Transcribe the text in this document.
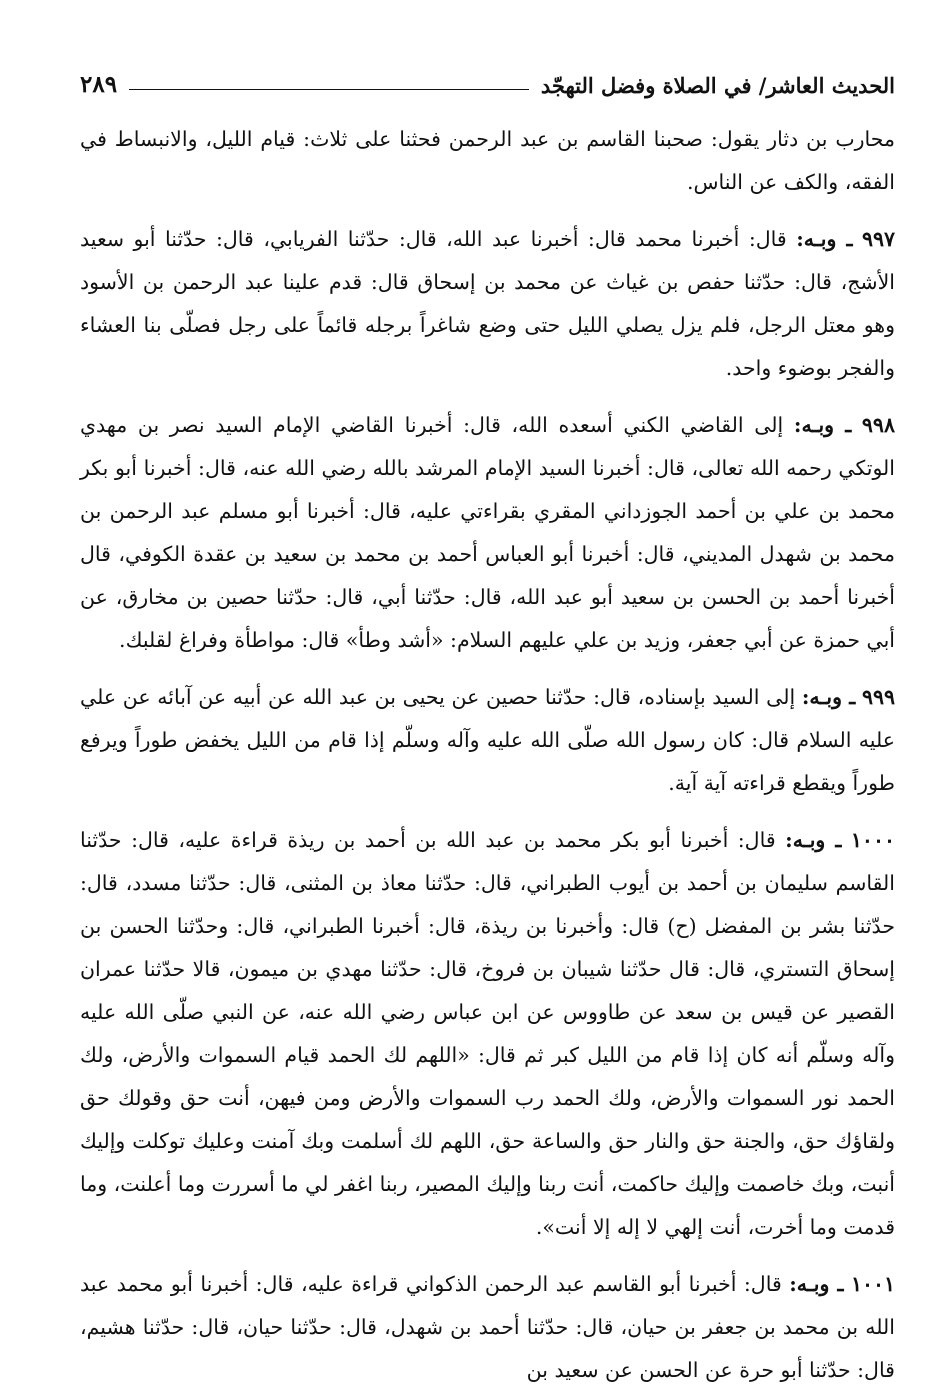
الحديث العاشر/ في الصلاة وفضل التهجّد
٢٨٩

محارب بن دثار يقول: صحبنا القاسم بن عبد الرحمن فحثنا على ثلاث: قيام الليل، والانبساط في الفقه، والكف عن الناس.

٩٩٧ ـ وبـه: قال: أخبرنا محمد قال: أخبرنا عبد الله، قال: حدّثنا الفريابي، قال: حدّثنا أبو سعيد الأشج، قال: حدّثنا حفص بن غياث عن محمد بن إسحاق قال: قدم علينا عبد الرحمن بن الأسود وهو معتل الرجل، فلم يزل يصلي الليل حتى وضع شاغراً برجله قائماً على رجل فصلّى بنا العشاء والفجر بوضوء واحد.

٩٩٨ ـ وبـه: إلى القاضي الكني أسعده الله، قال: أخبرنا القاضي الإمام السيد نصر بن مهدي الوتكي رحمه الله تعالى، قال: أخبرنا السيد الإمام المرشد بالله رضي الله عنه، قال: أخبرنا أبو بكر محمد بن علي بن أحمد الجوزداني المقري بقراءتي عليه، قال: أخبرنا أبو مسلم عبد الرحمن بن محمد بن شهدل المديني، قال: أخبرنا أبو العباس أحمد بن محمد بن سعيد بن عقدة الكوفي، قال أخبرنا أحمد بن الحسن بن سعيد أبو عبد الله، قال: حدّثنا أبي، قال: حدّثنا حصين بن مخارق، عن أبي حمزة عن أبي جعفر، وزيد بن علي عليهم السلام: «أشد وطأ» قال: مواطأة وفراغ لقلبك.

٩٩٩ ـ وبـه: إلى السيد بإسناده، قال: حدّثنا حصين عن يحيى بن عبد الله عن أبيه عن آبائه عن علي عليه السلام قال: كان رسول الله صلّى الله عليه وآله وسلّم إذا قام من الليل يخفض طوراً ويرفع طوراً ويقطع قراءته آية آية.

١٠٠٠ ـ وبـه: قال: أخبرنا أبو بكر محمد بن عبد الله بن أحمد بن ريذة قراءة عليه، قال: حدّثنا القاسم سليمان بن أحمد بن أيوب الطبراني، قال: حدّثنا معاذ بن المثنى، قال: حدّثنا مسدد، قال: حدّثنا بشر بن المفضل (ح) قال: وأخبرنا بن ريذة، قال: أخبرنا الطبراني، قال: وحدّثنا الحسن بن إسحاق التستري، قال: قال حدّثنا شيبان بن فروخ، قال: حدّثنا مهدي بن ميمون، قالا حدّثنا عمران القصير عن قيس بن سعد عن طاووس عن ابن عباس رضي الله عنه، عن النبي صلّى الله عليه وآله وسلّم أنه كان إذا قام من الليل كبر ثم قال: «اللهم لك الحمد قيام السموات والأرض، ولك الحمد نور السموات والأرض، ولك الحمد رب السموات والأرض ومن فيهن، أنت حق وقولك حق ولقاؤك حق، والجنة حق والنار حق والساعة حق، اللهم لك أسلمت وبك آمنت وعليك توكلت وإليك أنبت، وبك خاصمت وإليك حاكمت، أنت ربنا وإليك المصير، ربنا اغفر لي ما أسررت وما أعلنت، وما قدمت وما أخرت، أنت إلهي لا إله إلا أنت».

١٠٠١ ـ وبـه: قال: أخبرنا أبو القاسم عبد الرحمن الذكواني قراءة عليه، قال: أخبرنا أبو محمد عبد الله بن محمد بن جعفر بن حيان، قال: حدّثنا أحمد بن شهدل، قال: حدّثنا حيان، قال: حدّثنا هشيم، قال: حدّثنا أبو حرة عن الحسن عن سعيد بن
